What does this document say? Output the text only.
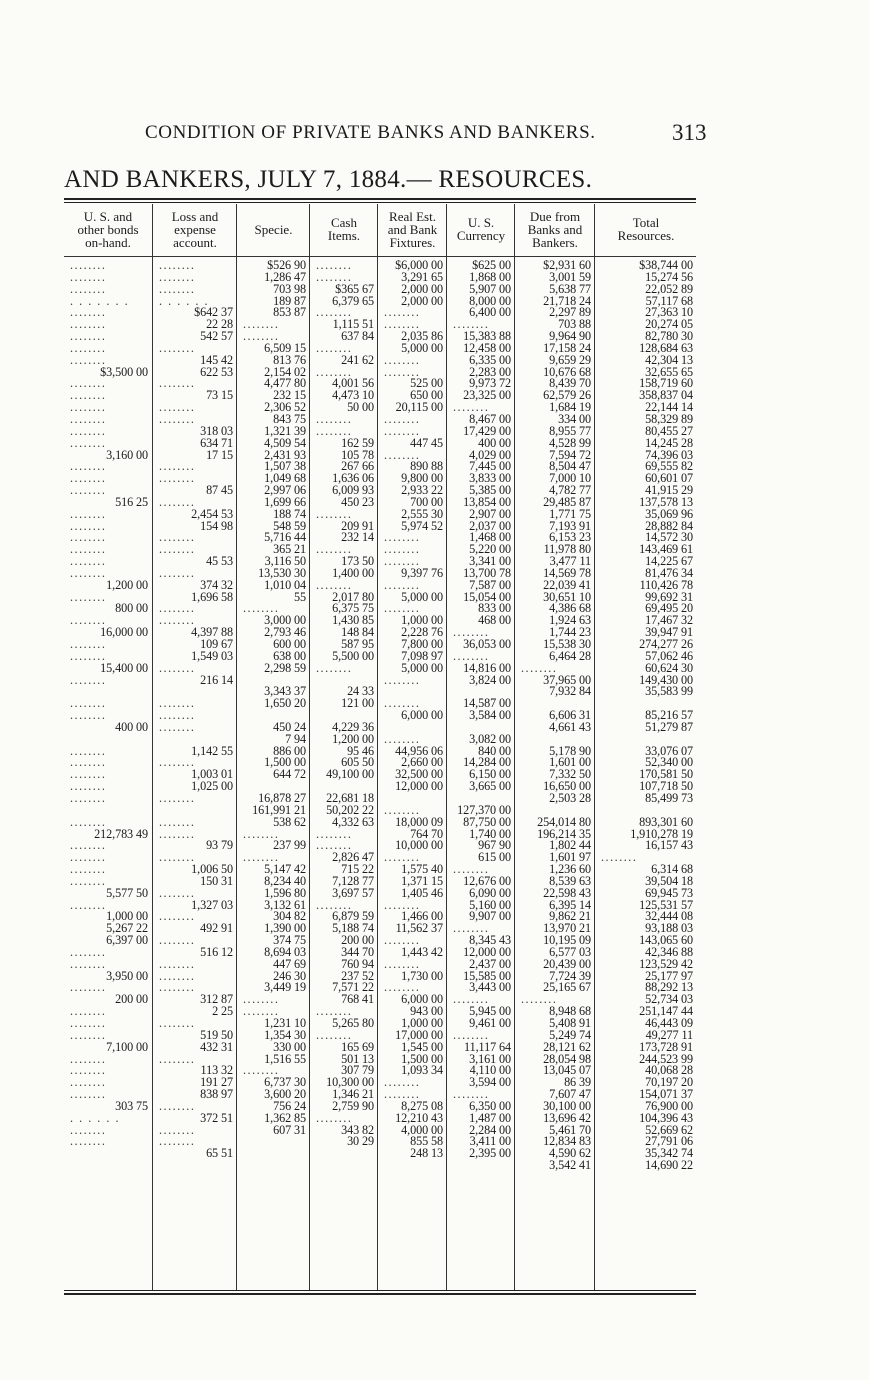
CONDITION OF PRIVATE BANKS AND BANKERS.	313
AND BANKERS, JULY 7, 1884.— RESOURCES.
U. S. and
other bonds
on-hand.
........
........
........
. . . . . . .
........
........
........
........
........
$3,500 00
........
........
........
........
........
........
3,160 00
........
........
........
516 25
........
........
........
........
........
........
1,200 00
........
800 00
........
16,000 00
........
........
15,400 00
........
........
........
400 00
........
........
........
........
........
........
212,783 49
........
........
........
........
5,577 50
........
1,000 00
5,267 22
6,397 00
........
........
3,950 00
........
200 00
........
........
........
7,100 00
........
........
........
........
303 75
. . . . . .
........
........
Loss and
expense
account.
........
........
........
. . . . . .
$642 37
22 28
542 57
........
145 42
622 53
........
73 15
........
........
318 03
634 71
17 15
........
........
87 45
........
2,454 53
154 98
........
........
45 53
........
374 32
1,696 58
........
........
4,397 88
109 67
1,549 03
........
216 14
........
........
........
1,142 55
........
1,003 01
1,025 00
........
........
........
93 79
........
1,006 50
150 31
........
1,327 03
........
492 91
........
516 12
........
........
........
312 87
2 25
........
519 50
432 31
........
113 32
191 27
838 97
........
372 51
........
........
65 51
Specie.
$526 90
1,286 47
703 98
189 87
853 87
........
........
6,509 15
813 76
2,154 02
4,477 80
232 15
2,306 52
843 75
1,321 39
4,509 54
2,431 93
1,507 38
1,049 68
2,997 06
1,699 66
188 74
548 59
5,716 44
365 21
3,116 50
13,530 30
1,010 04
55
........
3,000 00
2,793 46
600 00
638 00
2,298 59
3,343 37
1,650 20
450 24
7 94
886 00
1,500 00
644 72
16,878 27
161,991 21
538 62
........
237 99
........
5,147 42
8,234 40
1,596 80
3,132 61
304 82
1,390 00
374 75
8,694 03
447 69
246 30
3,449 19
........
........
1,231 10
1,354 30
330 00
1,516 55
........
6,737 30
3,600 20
756 24
1,362 85
607 31
Cash
Items.
........
........
$365 67
6,379 65
........
1,115 51
637 84
........
241 62
........
4,001 56
4,473 10
50 00
........
........
162 59
105 78
267 66
1,636 06
6,009 93
450 23
........
209 91
232 14
........
173 50
1,400 00
........
2,017 80
6,375 75
1,430 85
148 84
587 95
5,500 00
........
24 33
121 00
4,229 36
1,200 00
95 46
605 50
49,100 00
22,681 18
50,202 22
4,332 63
........
........
2,826 47
715 22
7,128 77
3,697 57
........
6,879 59
5,188 74
200 00
344 70
760 94
237 52
7,571 22
768 41
........
5,265 80
........
165 69
501 13
307 79
10,300 00
1,346 21
2,759 90
........
343 82
30 29
Real Est.
and Bank
Fixtures.
$6,000 00
3,291 65
2,000 00
2,000 00
........
........
2,035 86
5,000 00
........
........
525 00
650 00
20,115 00
........
........
447 45
........
890 88
9,800 00
2,933 22
700 00
2,555 30
5,974 52
........
........
........
9,397 76
........
5,000 00
........
1,000 00
2,228 76
7,800 00
7,098 97
5,000 00
........
........
6,000 00
........
44,956 06
2,660 00
32,500 00
12,000 00
........
18,000 09
764 70
10,000 00
........
1,575 40
1,371 15
1,405 46
........
1,466 00
11,562 37
........
1,443 42
........
1,730 00
........
6,000 00
943 00
1,000 00
17,000 00
1,545 00
1,500 00
1,093 34
........
........
8,275 08
12,210 43
4,000 00
855 58
248 13
U. S.
Currency
$625 00
1,868 00
5,907 00
8,000 00
6,400 00
........
15,383 88
12,458 00
6,335 00
2,283 00
9,973 72
23,325 00
........
8,467 00
17,429 00
400 00
4,029 00
7,445 00
3,833 00
5,385 00
13,854 00
2,907 00
2,037 00
1,468 00
5,220 00
3,341 00
13,700 78
7,587 00
15,054 00
833 00
468 00
........
36,053 00
........
14,816 00
3,824 00
14,587 00
3,584 00
3,082 00
840 00
14,284 00
6,150 00
3,665 00
127,370 00
87,750 00
1,740 00
967 90
615 00
........
12,676 00
6,090 00
5,160 00
9,907 00
........
8,345 43
12,000 00
2,437 00
15,585 00
3,443 00
........
5,945 00
9,461 00
........
11,117 64
3,161 00
4,110 00
3,594 00
........
6,350 00
1,487 00
2,284 00
3,411 00
2,395 00
Due from
Banks and
Bankers.
$2,931 60
3,001 59
5,638 77
21,718 24
2,297 89
703 88
9,964 90
17,158 24
9,659 29
10,676 68
8,439 70
62,579 26
1,684 19
334 00
8,955 77
4,528 99
7,594 72
8,504 47
7,000 10
4,782 77
29,485 87
1,771 75
7,193 91
6,153 23
11,978 80
3,477 11
14,569 78
22,039 41
30,651 10
4,386 68
1,924 63
1,744 23
15,538 30
6,464 28
........
37,965 00
7,932 84
6,606 31
4,661 43
5,178 90
1,601 00
7,332 50
16,650 00
2,503 28
254,014 80
196,214 35
1,802 44
1,601 97
1,236 60
8,539 63
22,598 43
6,395 14
9,862 21
13,970 21
10,195 09
6,577 03
20,439 00
7,724 39
25,165 67
........
8,948 68
5,408 91
5,249 74
28,121 62
28,054 98
13,045 07
86 39
7,607 47
30,100 00
13,696 42
5,461 70
12,834 83
4,590 62
3,542 41
Total
Resources.
$38,744 00
15,274 56
22,052 89
57,117 68
27,363 10
20,274 05
82,780 30
128,684 63
42,304 13
32,655 65
158,719 60
358,837 04
22,144 14
58,329 89
80,455 27
14,245 28
74,396 03
69,555 82
60,601 07
41,915 29
137,578 13
35,069 96
28,882 84
14,572 30
143,469 61
14,225 67
81,476 34
110,426 78
99,692 31
69,495 20
17,467 32
39,947 91
274,277 26
57,062 46
60,624 30
149,430 00
35,583 99
85,216 57
51,279 87
33,076 07
52,340 00
170,581 50
107,718 50
85,499 73
893,301 60
1,910,278 19
16,157 43
........
6,314 68
39,504 18
69,945 73
125,531 57
32,444 08
93,188 03
143,065 60
42,346 88
123,529 42
25,177 97
88,292 13
52,734 03
251,147 44
46,443 09
49,277 11
173,728 91
244,523 99
40,068 28
70,197 20
154,071 37
76,900 00
104,396 43
52,669 62
27,791 06
35,342 74
14,690 22
